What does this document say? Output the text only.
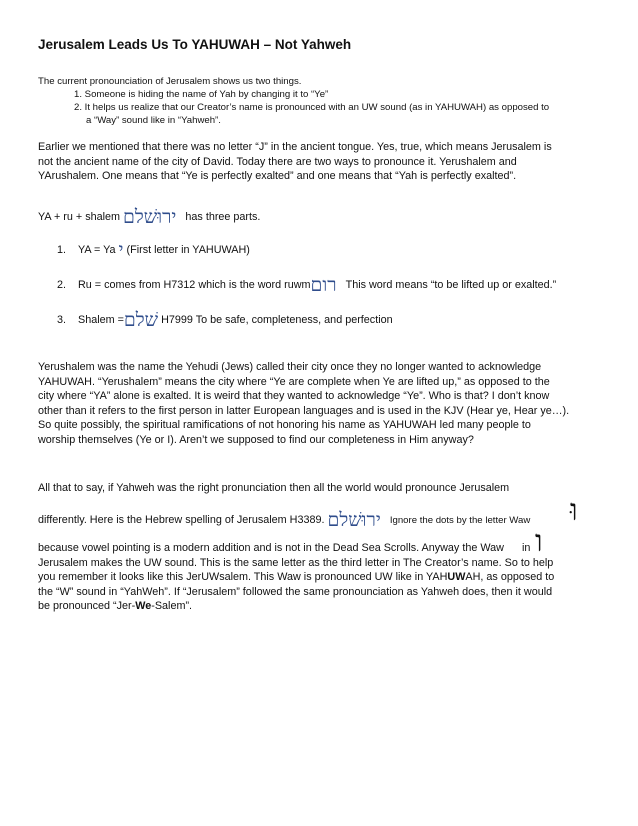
Jerusalem Leads Us To YAHUWAH – Not Yahweh
The current pronounciation of Jerusalem shows us two things.
1. Someone is hiding the name of Yah by changing it to “Ye”
2. It helps us realize that our Creator’s name is pronounced with an UW sound (as in YAHUWAH) as opposed to
a “Way” sound like in “Yahweh”.
Earlier we mentioned that there was no letter “J” in the ancient tongue. Yes, true, which means Jerusalem is
not the ancient name of the city of David. Today there are two ways to pronounce it. Yerushalem and
YArushalem. One means that “Ye is perfectly exalted” and one means that “Yah is perfectly exalted”.
YA + ru + shalem ירוּשׁלם has three parts.
1. YA = Ya י (First letter in YAHUWAH)
2. Ru = comes from H7312 which is the word ruwmרום This word means “to be lifted up or exalted.”
3. Shalem =שׁלם H7999 To be safe, completeness, and perfection
Yerushalem was the name the Yehudi (Jews) called their city once they no longer wanted to acknowledge
YAHUWAH. “Yerushalem” means the city where “Ye are complete when Ye are lifted up,” as opposed to the
city where “YA” alone is exalted. It is weird that they wanted to acknowledge “Ye”. Who is that? I don’t know
other than it refers to the first person in latter European languages and is used in the KJV (Hear ye, Hear ye…).
So quite possibly, the spiritual ramifications of not honoring his name as YAHUWAH led many people to
worship themselves (Ye or I). Aren’t we supposed to find our completeness in Him anyway?
All that to say, if Yahweh was the right pronunciation then all the world would pronounce Jerusalem
differently. Here is the Hebrew spelling of Jerusalem H3389. ירוּשׁלם Ignore the dots by the letter Waw	וּ
because vowel pointing is a modern addition and is not in the Dead Sea Scrolls. Anyway the Waw in
Jerusalem makes the UW sound. This is the same letter as the third letter in The Creator’s name. So to help
you remember it looks like this JerUWsalem. This Waw is pronounced UW like in YAHUWAH, as opposed to
the “W” sound in “YahWeh”. If “Jerusalem” followed the same pronounciation as Yahweh does, then it would
be pronounced “Jer-We-Salem”.
ו
